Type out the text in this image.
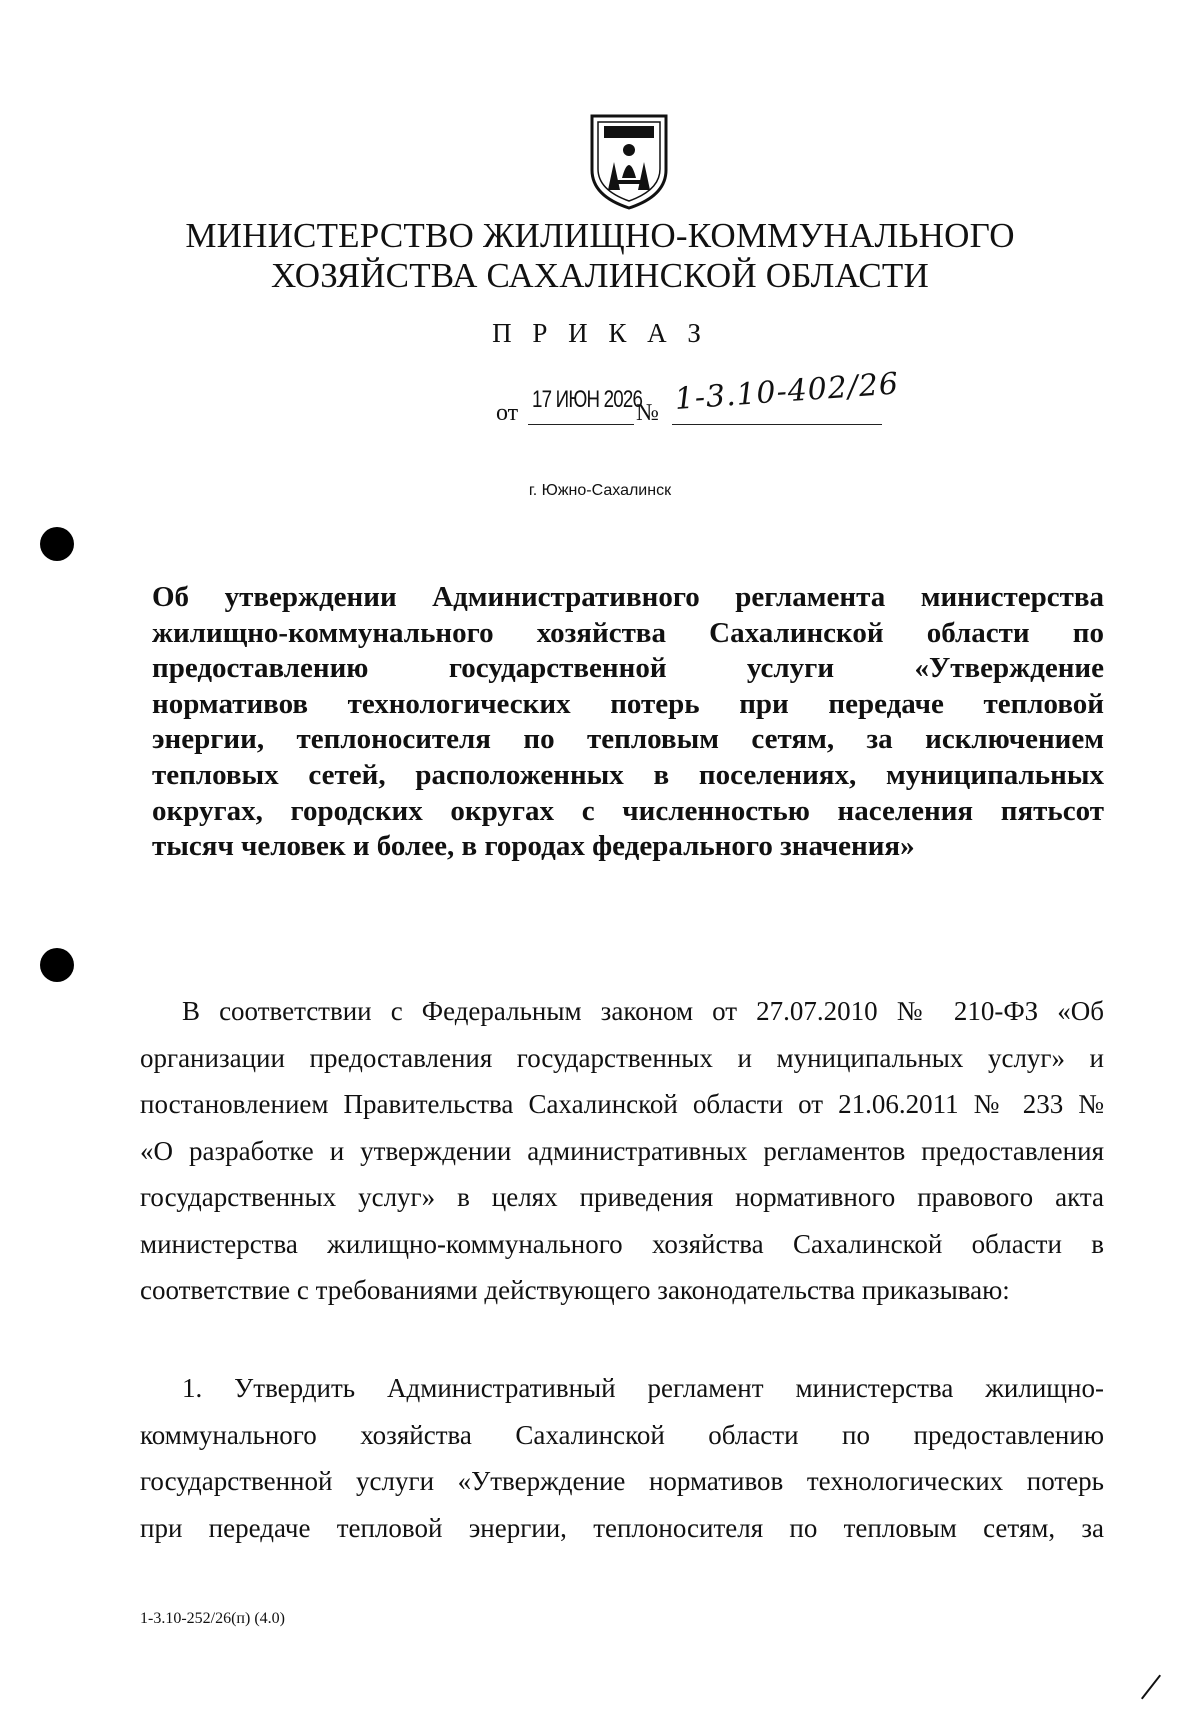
МИНИСТЕРСТВО ЖИЛИЩНО-КОММУНАЛЬНОГО
ХОЗЯЙСТВА САХАЛИНСКОЙ ОБЛАСТИ
П Р И К А З
от 17 ИЮН 2026
№ 1-3.10-402/26
г. Южно-Сахалинск
Об утверждении Административного регламента министерства
жилищно-коммунального хозяйства Сахалинской области по
предоставлению государственной услуги «Утверждение
нормативов технологических потерь при передаче тепловой
энергии, теплоносителя по тепловым сетям, за исключением
тепловых сетей, расположенных в поселениях, муниципальных
округах, городских округах с численностью населения пятьсот
тысяч человек и более, в городах федерального значения»
В соответствии с Федеральным законом от 27.07.2010 № 210-ФЗ «Об
организации предоставления государственных и муниципальных услуг» и
постановлением Правительства Сахалинской области от 21.06.2011 № 233 №
«О разработке и утверждении административных регламентов предоставления
государственных услуг» в целях приведения нормативного правового акта
министерства жилищно-коммунального хозяйства Сахалинской области в
соответствие с требованиями действующего законодательства приказываю:
1. Утвердить Административный регламент министерства жилищно-
коммунального хозяйства Сахалинской области по предоставлению
государственной услуги «Утверждение нормативов технологических потерь
при передаче тепловой энергии, теплоносителя по тепловым сетям, за
1-3.10-252/26(п) (4.0)
